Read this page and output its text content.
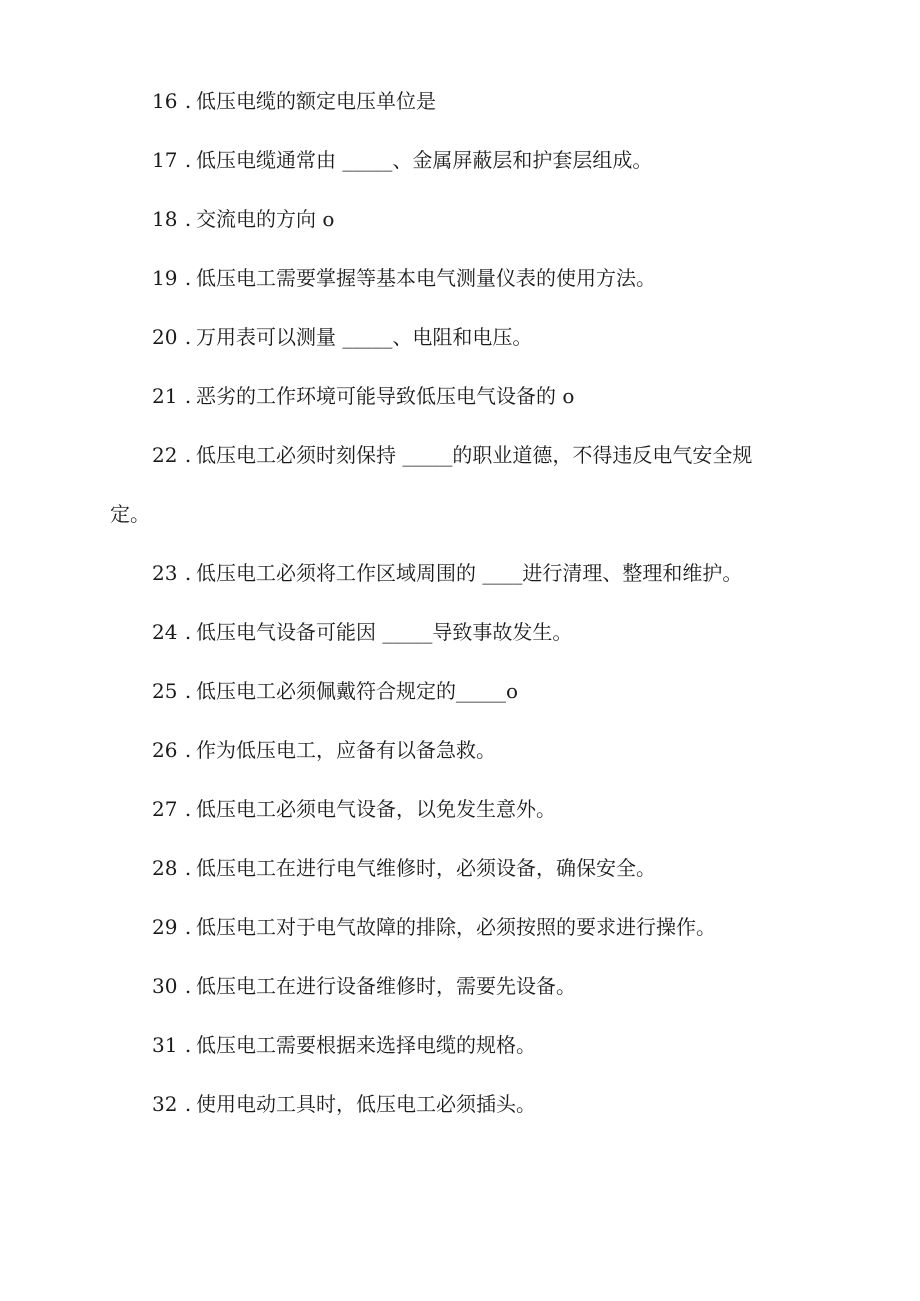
16 . 低压电缆的额定电压单位是
17 . 低压电缆通常由 _____、金属屏蔽层和护套层组成。
18 . 交流电的方向 o
19 . 低压电工需要掌握等基本电气测量仪表的使用方法。
20 . 万用表可以测量 _____、电阻和电压。
21 . 恶劣的工作环境可能导致低压电气设备的 o
22 . 低压电工必须时刻保持 _____的职业道德，不得违反电气安全规
定。
23 . 低压电工必须将工作区域周围的 ____进行清理、整理和维护。
24 . 低压电气设备可能因 _____导致事故发生。
25 . 低压电工必须佩戴符合规定的_____o
26 . 作为低压电工，应备有以备急救。
27 . 低压电工必须电气设备，以免发生意外。
28 . 低压电工在进行电气维修时，必须设备，确保安全。
29 . 低压电工对于电气故障的排除，必须按照的要求进行操作。
30 . 低压电工在进行设备维修时，需要先设备。
31 . 低压电工需要根据来选择电缆的规格。
32 . 使用电动工具时，低压电工必须插头。
